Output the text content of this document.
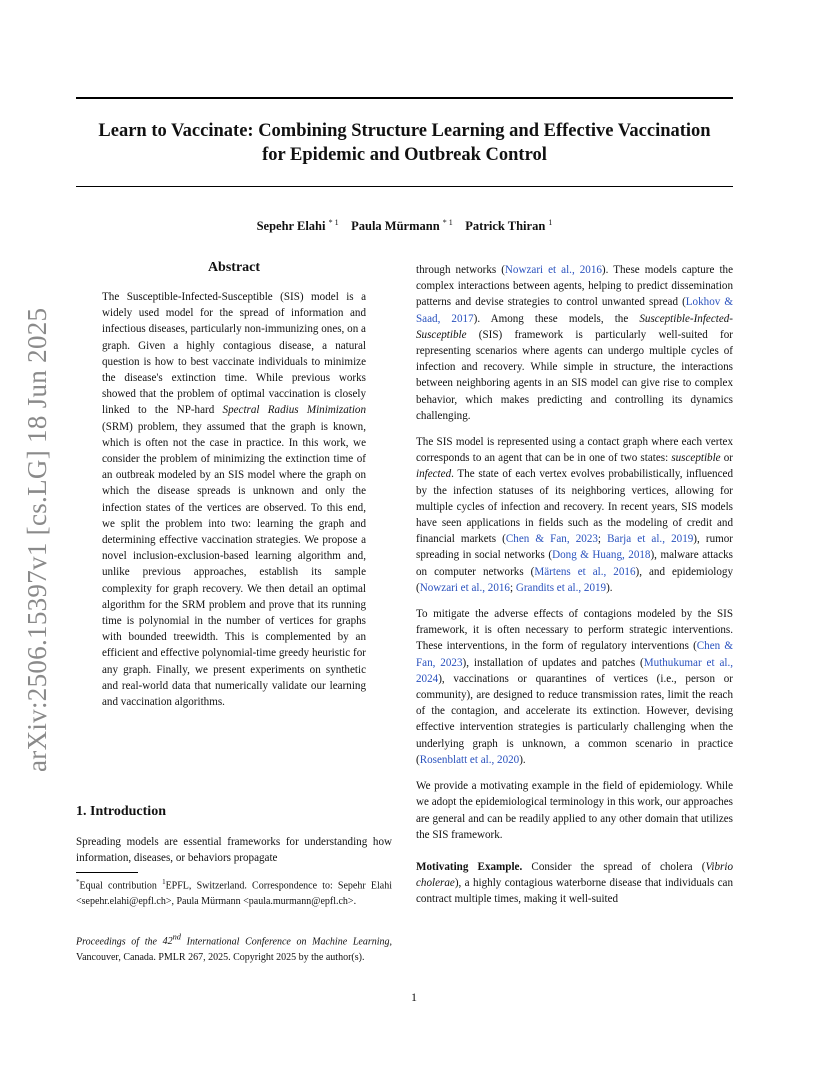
Learn to Vaccinate: Combining Structure Learning and Effective Vaccination
for Epidemic and Outbreak Control
Sepehr Elahi $^{* 1}$ Paula Mürmann $^{* 1}$ Patrick Thiran $^1$
arXiv:2506.15397v1 [cs.LG] 18 Jun 2025
Abstract

The Susceptible-Infected-Susceptible (SIS) model is a widely used model for the spread of information and infectious diseases, particularly non-immunizing ones, on a graph. Given a highly contagious disease, a natural question is how to best vaccinate individuals to minimize the disease's extinction time. While previous works showed that the problem of optimal vaccination is closely linked to the NP-hard Spectral Radius Minimization (SRM) problem, they assumed that the graph is known, which is often not the case in practice. In this work, we consider the problem of minimizing the extinction time of an outbreak modeled by an SIS model where the graph on which the disease spreads is unknown and only the infection states of the vertices are observed. To this end, we split the problem into two: learning the graph and determining effective vaccination strategies. We propose a novel inclusion-exclusion-based learning algorithm and, unlike previous approaches, establish its sample complexity for graph recovery. We then detail an optimal algorithm for the SRM problem and prove that its running time is polynomial in the number of vertices for graphs with bounded treewidth. This is complemented by an efficient and effective polynomial-time greedy heuristic for any graph. Finally, we present experiments on synthetic and real-world data that numerically validate our learning and vaccination algorithms.

1. Introduction

Spreading models are essential frameworks for understanding how information, diseases, or behaviors propagate

*Equal contribution $^1$EPFL, Switzerland. Correspondence to: Sepehr Elahi <sepehr.elahi@epfl.ch>, Paula Mürmann <paula.murmann@epfl.ch>.

Proceedings of the 42nd International Conference on Machine Learning, Vancouver, Canada. PMLR 267, 2025. Copyright 2025 by the author(s).

through networks (Nowzari et al., 2016). These models capture the complex interactions between agents, helping to predict dissemination patterns and devise strategies to control unwanted spread (Lokhov & Saad, 2017). Among these models, the Susceptible-Infected-Susceptible (SIS) framework is particularly well-suited for representing scenarios where agents can undergo multiple cycles of infection and recovery. While simple in structure, the interactions between neighboring agents in an SIS model can give rise to complex behavior, which makes predicting and controlling its dynamics challenging.

The SIS model is represented using a contact graph where each vertex corresponds to an agent that can be in one of two states: susceptible or infected. The state of each vertex evolves probabilistically, influenced by the infection statuses of its neighboring vertices, allowing for multiple cycles of infection and recovery. In recent years, SIS models have seen applications in fields such as the modeling of credit and financial markets (Chen & Fan, 2023; Barja et al., 2019), rumor spreading in social networks (Dong & Huang, 2018), malware attacks on computer networks (Märtens et al., 2016), and epidemiology (Nowzari et al., 2016; Grandits et al., 2019).

To mitigate the adverse effects of contagions modeled by the SIS framework, it is often necessary to perform strategic interventions. These interventions, in the form of regulatory interventions (Chen & Fan, 2023), installation of updates and patches (Muthukumar et al., 2024), vaccinations or quarantines of vertices (i.e., person or community), are designed to reduce transmission rates, limit the reach of the contagion, and accelerate its extinction. However, devising effective intervention strategies is particularly challenging when the underlying graph is unknown, a common scenario in practice (Rosenblatt et al., 2020).

We provide a motivating example in the field of epidemiology. While we adopt the epidemiological terminology in this work, our approaches are general and can be readily applied to any other domain that utilizes the SIS framework.

Motivating Example. Consider the spread of cholera (Vibrio cholerae), a highly contagious waterborne disease that individuals can contract multiple times, making it well-suited

1
